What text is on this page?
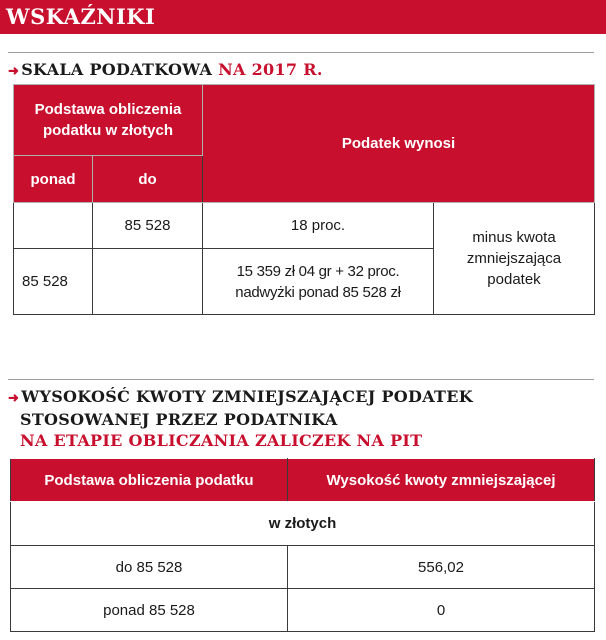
WSKAŹNIKI
➜ SKALA PODATKOWA NA 2017 R.
Podstawa obliczenia podatku w złotych		Podatek wynosi	
ponad	do		
	85 528	18 proc.	minus kwota zmniejszająca podatek
85 528		15 359 zł 04 gr + 32 proc.
nadwyżki ponad 85 528 zł	
➜ WYSOKOŚĆ KWOTY ZMNIEJSZAJĄCEJ PODATEK
STOSOWANEJ PRZEZ PODATNIKA
NA ETAPIE OBLICZANIA ZALICZEK NA PIT
Podstawa obliczenia podatku	Wysokość kwoty zmniejszającej
w złotych	
do 85 528	556,02
ponad 85 528	0
